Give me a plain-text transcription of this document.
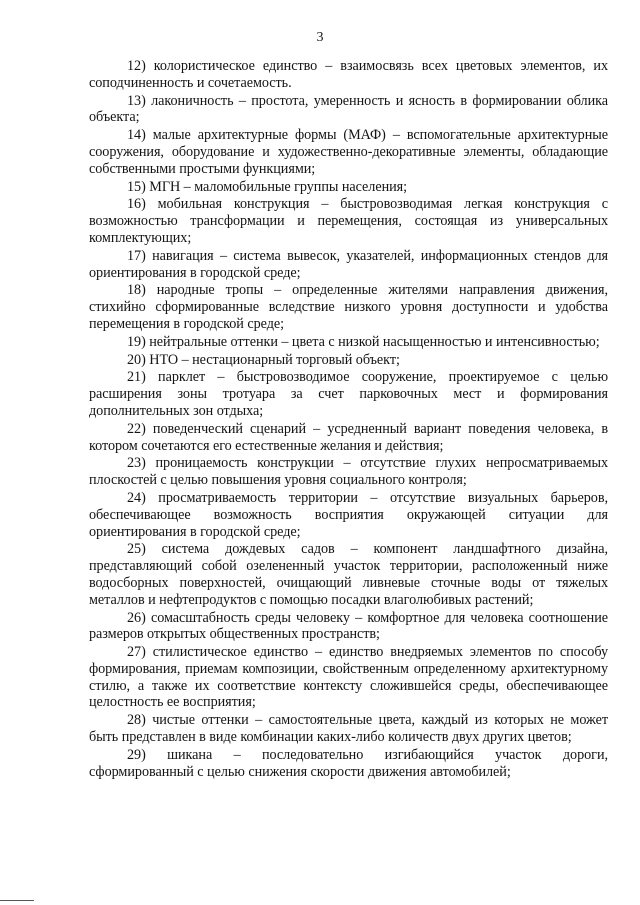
3

12) колористическое единство – взаимосвязь всех цветовых элементов, их соподчиненность и сочетаемость.

13) лаконичность – простота, умеренность и ясность в формировании облика объекта;

14) малые архитектурные формы (МАФ) – вспомогательные архитектурные сооружения, оборудование и художественно-декоративные элементы, обладающие собственными простыми функциями;

15) МГН – маломобильные группы населения;

16) мобильная конструкция – быстровозводимая легкая конструкция с возможностью трансформации и перемещения, состоящая из универсальных комплектующих;

17) навигация – система вывесок, указателей, информационных стендов для ориентирования в городской среде;

18) народные тропы – определенные жителями направления движения, стихийно сформированные вследствие низкого уровня доступности и удобства перемещения в городской среде;

19) нейтральные оттенки – цвета с низкой насыщенностью и интенсивностью;

20) НТО – нестационарный торговый объект;

21) парклет – быстровозводимое сооружение, проектируемое с целью расширения зоны тротуара за счет парковочных мест и формирования дополнительных зон отдыха;

22) поведенческий сценарий – усредненный вариант поведения человека, в котором сочетаются его естественные желания и действия;

23) проницаемость конструкции – отсутствие глухих непросматриваемых плоскостей с целью повышения уровня социального контроля;

24) просматриваемость территории – отсутствие визуальных барьеров, обеспечивающее возможность восприятия окружающей ситуации для ориентирования в городской среде;

25) система дождевых садов – компонент ландшафтного дизайна, представляющий собой озелененный участок территории, расположенный ниже водосборных поверхностей, очищающий ливневые сточные воды от тяжелых металлов и нефтепродуктов с помощью посадки влаголюбивых растений;

26) сомасштабность среды человеку – комфортное для человека соотношение размеров открытых общественных пространств;

27) стилистическое единство – единство внедряемых элементов по способу формирования, приемам композиции, свойственным определенному архитектурному стилю, а также их соответствие контексту сложившейся среды, обеспечивающее целостность ее восприятия;

28) чистые оттенки – самостоятельные цвета, каждый из которых не может быть представлен в виде комбинации каких-либо количеств двух других цветов;

29) шикана – последовательно изгибающийся участок дороги, сформированный с целью снижения скорости движения автомобилей;
